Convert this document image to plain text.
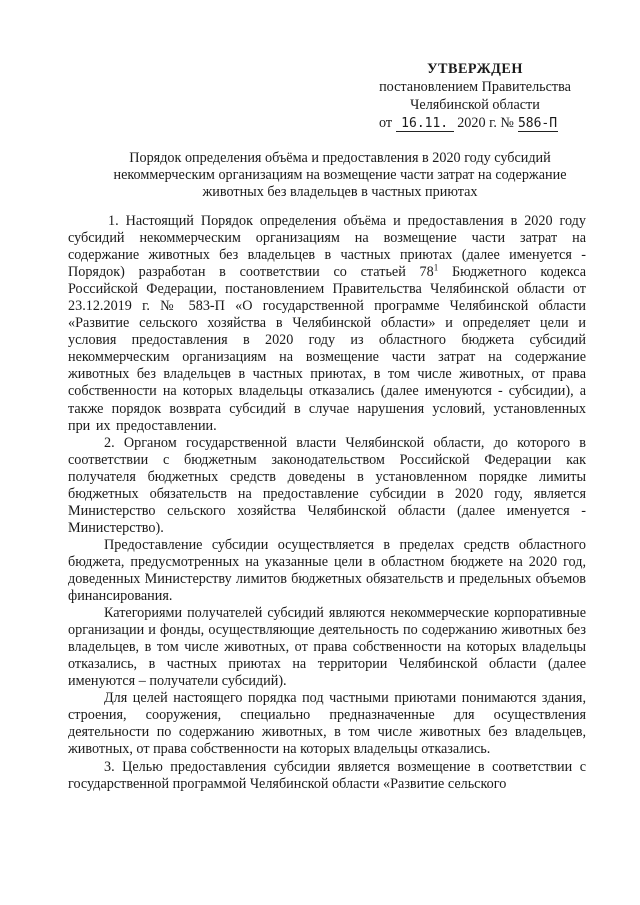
УТВЕРЖДЕН
постановлением Правительства
Челябинской области
от 16.11. 2020 г. № 586-П
Порядок определения объёма и предоставления в 2020 году субсидий
некоммерческим организациям на возмещение части затрат на содержание
животных без владельцев в частных приютах

1. Настоящий Порядок определения объёма и предоставления в 2020 году субсидий некоммерческим организациям на возмещение части затрат на содержание животных без владельцев в частных приютах (далее именуется - Порядок) разработан в соответствии со статьей $78^1$ Бюджетного кодекса Российской Федерации, постановлением Правительства Челябинской области от 23.12.2019 г. № 583-П «О государственной программе Челябинской области «Развитие сельского хозяйства в Челябинской области» и определяет цели и условия предоставления в 2020 году из областного бюджета субсидий некоммерческим организациям на возмещение части затрат на содержание животных без владельцев в частных приютах, в том числе животных, от права собственности на которых владельцы отказались (далее именуются - субсидии), а также порядок возврата субсидий в случае нарушения условий, установленных при их предоставлении.

2. Органом государственной власти Челябинской области, до которого в соответствии с бюджетным законодательством Российской Федерации как получателя бюджетных средств доведены в установленном порядке лимиты бюджетных обязательств на предоставление субсидии в 2020 году, является Министерство сельского хозяйства Челябинской области (далее именуется - Министерство).

Предоставление субсидии осуществляется в пределах средств областного бюджета, предусмотренных на указанные цели в областном бюджете на 2020 год, доведенных Министерству лимитов бюджетных обязательств и предельных объемов финансирования.

Категориями получателей субсидий являются некоммерческие корпоративные организации и фонды, осуществляющие деятельность по содержанию животных без владельцев, в том числе животных, от права собственности на которых владельцы отказались, в частных приютах на территории Челябинской области (далее именуются – получатели субсидий).

Для целей настоящего порядка под частными приютами понимаются здания, строения, сооружения, специально предназначенные для осуществления деятельности по содержанию животных, в том числе животных без владельцев, животных, от права собственности на которых владельцы отказались.

3. Целью предоставления субсидии является возмещение в соответствии с государственной программой Челябинской области «Развитие сельского
